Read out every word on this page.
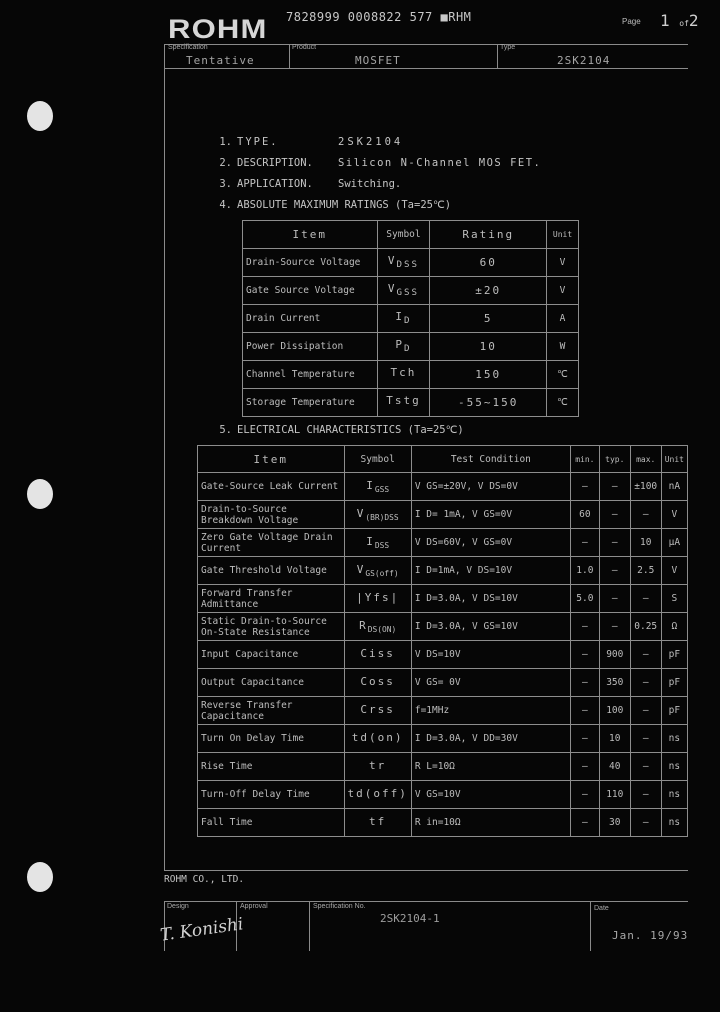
ROHM 7828999 0008822 577 ■RHM	Page 1 of2
Specification
Tentative
Product
MOSFET
Type
2SK2104
1. TYPE.	2SK2104
2. DESCRIPTION. Silicon N-Channel MOS FET.
3. APPLICATION. Switching.
4. ABSOLUTE MAXIMUM RATINGS (Ta=25℃)
Item	Symbol	Rating	Unit
Drain-Source Voltage	$V_{DSS}$	60	V
Gate Source Voltage	$V_{GSS}$	±20	V
Drain Current	$I_D$	5	A
Power Dissipation	$P_D$	10	W
Channel Temperature	Tch	150	℃
Storage Temperature	Tstg	-55~150	℃
5. ELECTRICAL CHARACTERISTICS (Ta=25℃)
Item	Symbol	Test Condition	min.	typ.	max.	Unit
Gate-Source Leak Current	$I_{GSS}$	V GS=±20V, V DS=0V	–	–	±100	nA
Drain-to-Source Breakdown Voltage	$V_{(BR)DSS}$	I D= 1mA, V GS=0V	60	–	–	V
Zero Gate Voltage Drain Current	$I_{DSS}$	V DS=60V, V GS=0V	–	–	10	μA
Gate Threshold Voltage	$V_{GS(off)}$	I D=1mA, V DS=10V	1.0	–	2.5	V
Forward Transfer Admittance	|Yfs|	I D=3.0A, V DS=10V	5.0	–	–	S
Static Drain-to-Source On-State Resistance	$R_{DS(ON)}$	I D=3.0A, V GS=10V	–	–	0.25	Ω
Input Capacitance	Ciss	V DS=10V	–	900	–	pF
Output Capacitance	Coss	V GS= 0V	–	350	–	pF
Reverse Transfer Capacitance	Crss	f=1MHz	–	100	–	pF
Turn On Delay Time	td(on)	I D=3.0A, V DD=30V	–	10	–	ns
Rise Time	tr	R L=10Ω	–	40	–	ns
Turn-Off Delay Time	td(off)	V GS=10V	–	110	–	ns
Fall Time	tf	R in=10Ω	–	30	–	ns
ROHM CO., LTD.
Design
T. Konishi
Approval	Specification No.
2SK2104-1
Date
Jan. 19/93
